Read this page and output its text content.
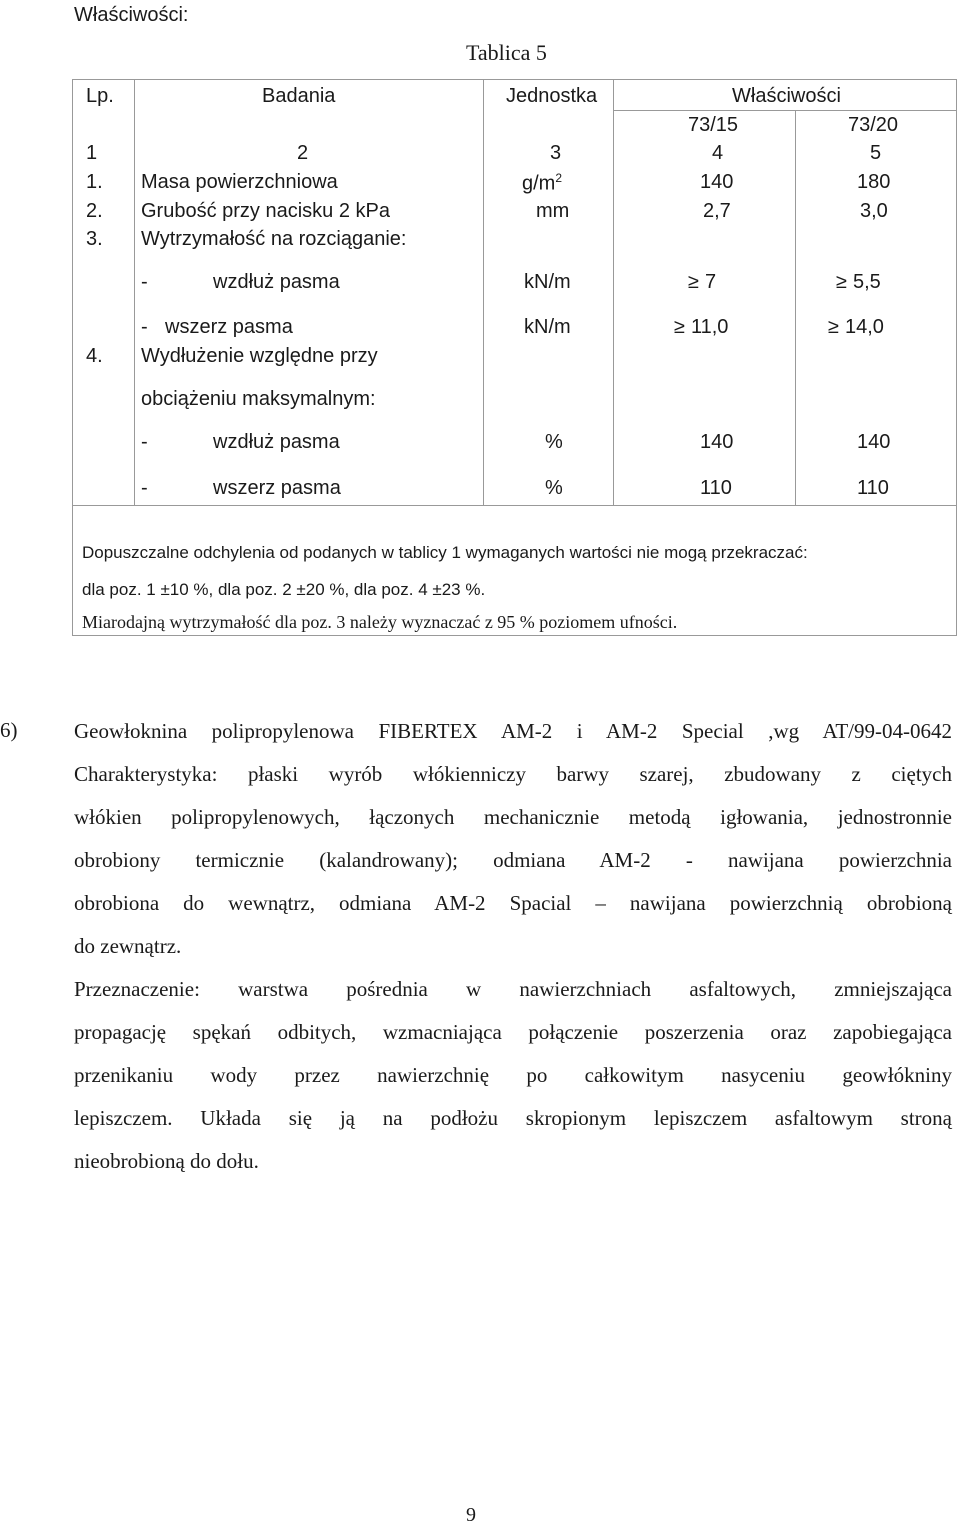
Właściwości:
Tablica 5
Lp.	Badania	Jednostka	Właściwości
73/15	73/20
1	2	3	4	5
1. Masa powierzchniowa	$g/m^2$	140	180
2. Grubość przy nacisku 2 kPa	mm	2,7	3,0
3. Wytrzymałość na rozciąganie:
-	wzdłuż pasma	kN/m	≥ 7	≥ 5,5
- wszerz pasma	kN/m	≥ 11,0	≥ 14,0
4. Wydłużenie względne przy
obciążeniu maksymalnym:
-	wzdłuż pasma	%	140	140
-	wszerz pasma	%	110	110
Dopuszczalne odchylenia od podanych w tablicy 1 wymaganych wartości nie mogą przekraczać:
dla poz. 1 ±10 %, dla poz. 2 ±20 %, dla poz. 4 ±23 %.
Miarodajną wytrzymałość dla poz. 3 należy wyznaczać z 95 % poziomem ufności.
6)	Geowłoknina polipropylenowa FIBERTEX AM-2 i AM-2 Special ,wg AT/99-04-0642
Charakterystyka: płaski wyrób włókienniczy barwy szarej, zbudowany z ciętych
włókien polipropylenowych, łączonych mechanicznie metodą igłowania, jednostronnie
obrobiony termicznie (kalandrowany); odmiana AM-2 - nawijana powierzchnia
obrobiona do wewnątrz, odmiana AM-2 Spacial – nawijana powierzchnią obrobioną
do zewnątrz.
Przeznaczenie: warstwa pośrednia w nawierzchniach asfaltowych, zmniejszająca
propagację spękań odbitych, wzmacniająca połączenie poszerzenia oraz zapobiegająca
przenikaniu wody przez nawierzchnię po całkowitym nasyceniu geowłókniny
lepiszczem. Układa się ją na podłożu skropionym lepiszczem asfaltowym stroną
nieobrobioną do dołu.
9
